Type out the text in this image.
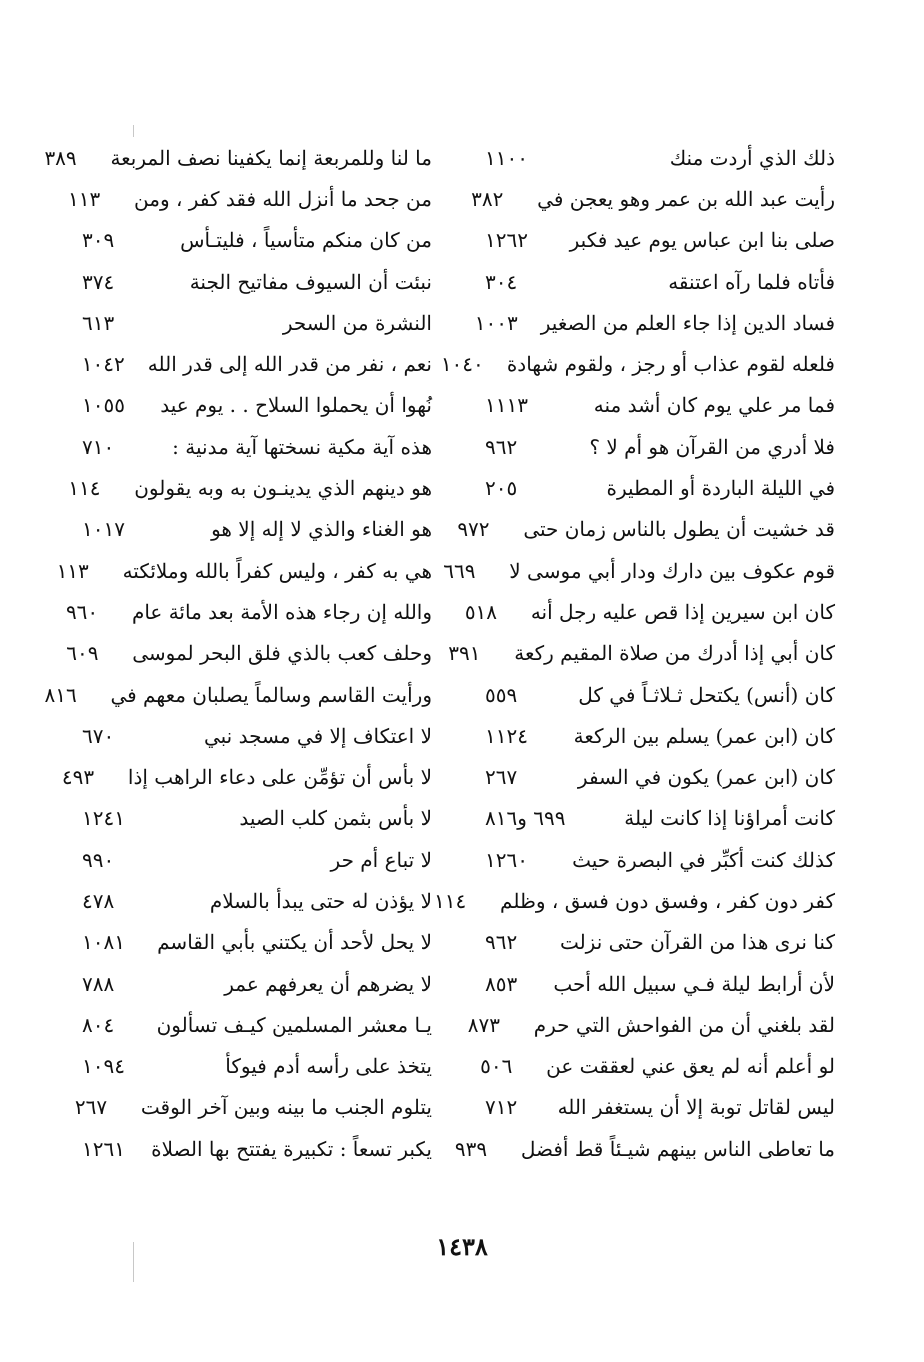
ذلك الذي أردت منك
١١٠٠
رأيت عبد الله بن عمر وهو يعجن في
٣٨٢
صلى بنا ابن عباس يوم عيد فكبر
١٢٦٢
فأتاه فلما رآه اعتنقه
٣٠٤
فساد الدين إذا جاء العلم من الصغير
١٠٠٣
فلعله لقوم عذاب أو رجز ، ولقوم شهادة
١٠٤٠
فما مر علي يوم كان أشد منه
١١١٣
فلا أدري من القرآن هو أم لا ؟
٩٦٢
في الليلة الباردة أو المطيرة
٢٠٥
قد خشيت أن يطول بالناس زمان حتى
٩٧٢
قوم عكوف بين دارك ودار أبي موسى لا
٦٦٩
كان ابن سيرين إذا قص عليه رجل أنه
٥١٨
كان أبي إذا أدرك من صلاة المقيم ركعة
٣٩١
كان (أنس) يكتحل ثـلاثـاً في كل
٥٥٩
كان (ابن عمر) يسلم بين الركعة
١١٢٤
كان (ابن عمر) يكون في السفر
٢٦٧
كانت أمراؤنا إذا كانت ليلة
٦٩٩ و٨١٦
كذلك كنت أكبِّر في البصرة حيث
١٢٦٠
كفر دون كفر ، وفسق دون فسق ، وظلم
١١٤
كنا نرى هذا من القرآن حتى نزلت
٩٦٢
لأن أرابط ليلة فـي سبيل الله أحب
٨٥٣
لقد بلغني أن من الفواحش التي حرم
٨٧٣
لو أعلم أنه لم يعق عني لعققت عن
٥٠٦
ليس لقاتل توبة إلا أن يستغفر الله
٧١٢
ما تعاطى الناس بينهم شيـئاً قط أفضل
٩٣٩
ما لنا وللمربعة إنما يكفينا نصف المربعة
٣٨٩
من جحد ما أنزل الله فقد كفر ، ومن
١١٣
من كان منكم متأسياً ، فليتـأس
٣٠٩
نبئت أن السيوف مفاتيح الجنة
٣٧٤
النشرة من السحر
٦١٣
نعم ، نفر من قدر الله إلى قدر الله
١٠٤٢
نُهوا أن يحملوا السلاح . . يوم عيد
١٠٥٥
هذه آية مكية نسختها آية مدنية :
٧١٠
هو دينهم الذي يدينـون به وبه يقولون
١١٤
هو الغناء والذي لا إله إلا هو
١٠١٧
هي به كفر ، وليس كفراً بالله وملائكته
١١٣
والله إن رجاء هذه الأمة بعد مائة عام
٩٦٠
وحلف كعب بالذي فلق البحر لموسى
٦٠٩
ورأيت القاسم وسالماً يصلبان معهم في
٨١٦
لا اعتكاف إلا في مسجد نبي
٦٧٠
لا بأس أن تؤمِّن على دعاء الراهب إذا
٤٩٣
لا بأس بثمن كلب الصيد
١٢٤١
لا تباع أم حر
٩٩٠
لا يؤذن له حتى يبدأ بالسلام
٤٧٨
لا يحل لأحد أن يكتني بأبي القاسم
١٠٨١
لا يضرهم أن يعرفهم عمر
٧٨٨
يـا معشر المسلمين كيـف تسألون
٨٠٤
يتخذ على رأسه أدم فيوكأ
١٠٩٤
يتلوم الجنب ما بينه وبين آخر الوقت
٢٦٧
يكبر تسعاً : تكبيرة يفتتح بها الصلاة
١٢٦١
١٤٣٨
